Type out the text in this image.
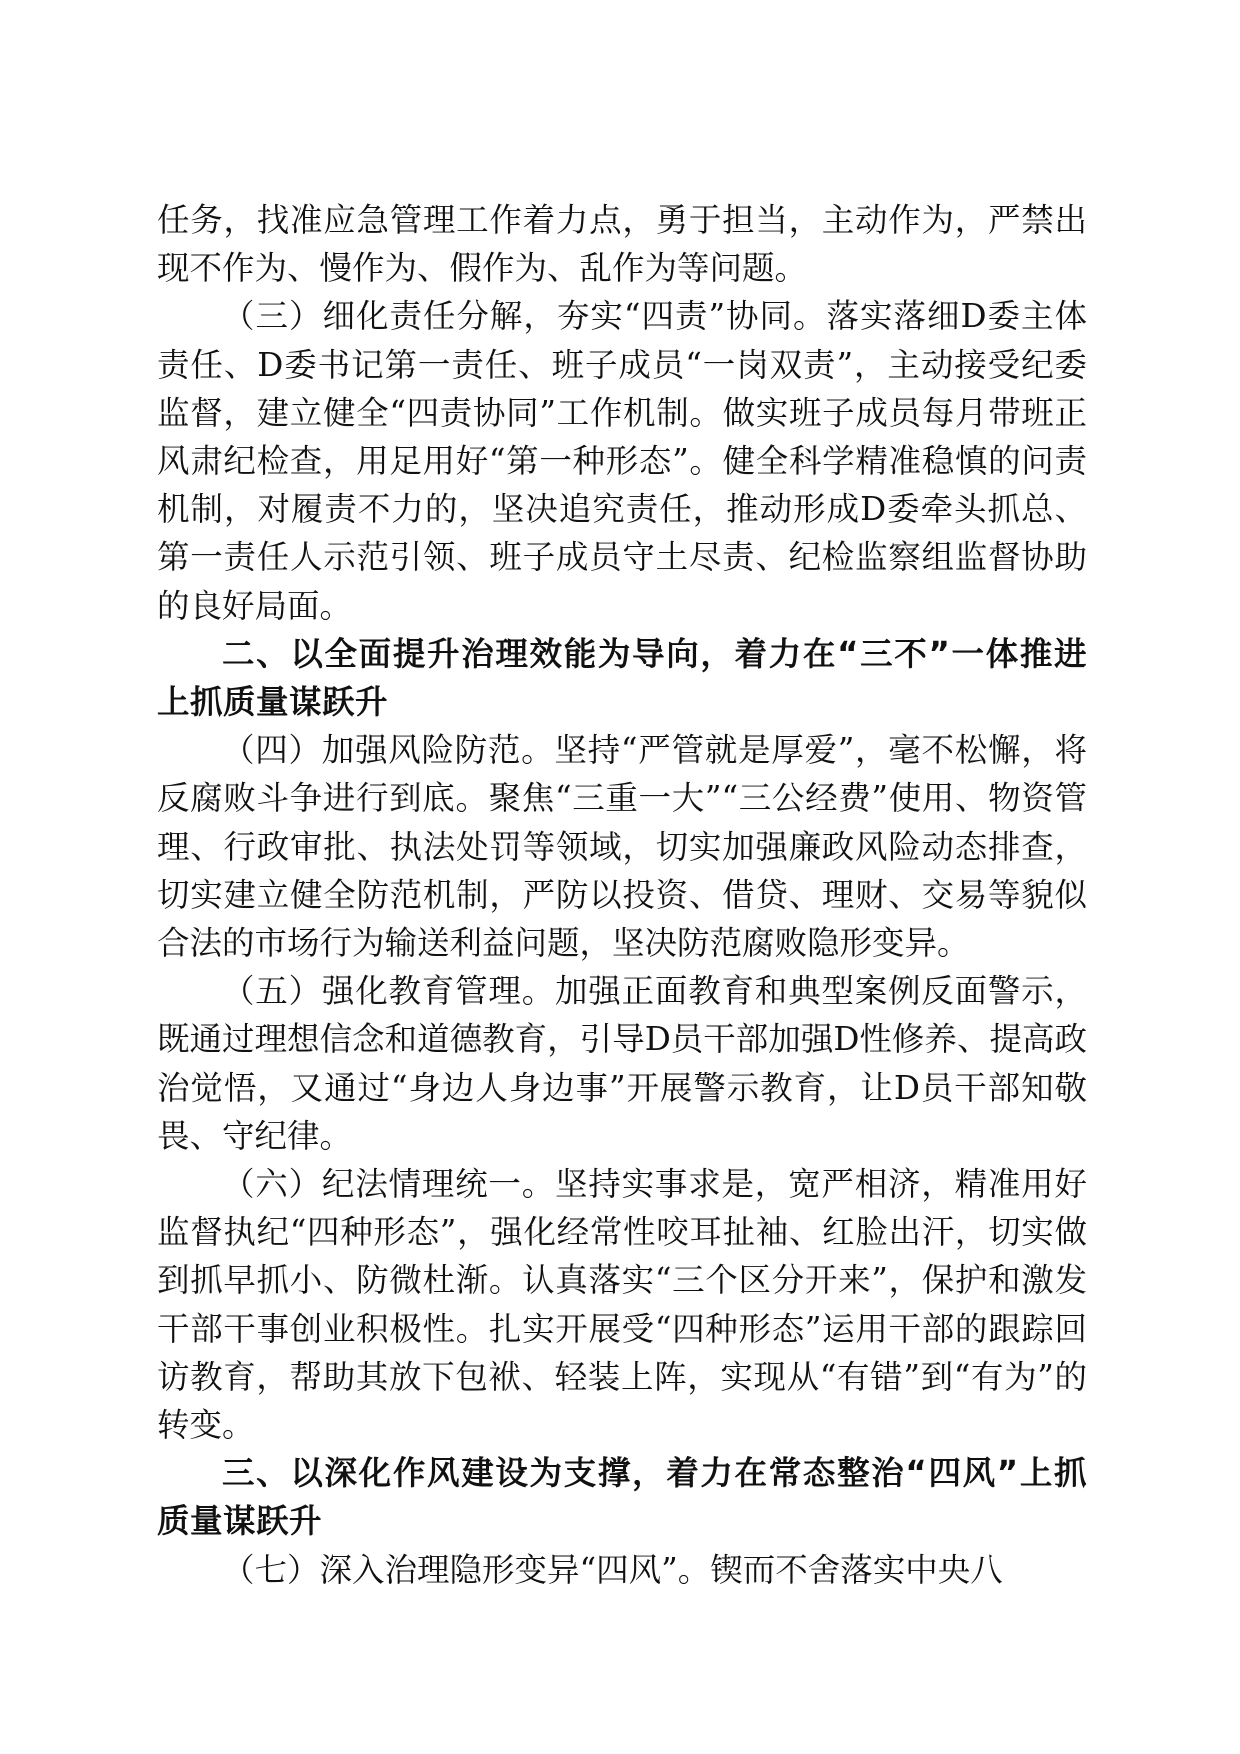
任务，找准应急管理工作着力点，勇于担当，主动作为，严禁出现不作为、慢作为、假作为、乱作为等问题。

（三）细化责任分解，夯实“四责”协同。落实落细D委主体责任、D委书记第一责任、班子成员“一岗双责”，主动接受纪委监督，建立健全“四责协同”工作机制。做实班子成员每月带班正风肃纪检查，用足用好“第一种形态”。健全科学精准稳慎的问责机制，对履责不力的，坚决追究责任，推动形成D委牵头抓总、第一责任人示范引领、班子成员守土尽责、纪检监察组监督协助的良好局面。

二、以全面提升治理效能为导向，着力在“三不”一体推进上抓质量谋跃升

（四）加强风险防范。坚持“严管就是厚爱”，毫不松懈，将反腐败斗争进行到底。聚焦“三重一大”“三公经费”使用、物资管理、行政审批、执法处罚等领域，切实加强廉政风险动态排查，切实建立健全防范机制，严防以投资、借贷、理财、交易等貌似合法的市场行为输送利益问题，坚决防范腐败隐形变异。

（五）强化教育管理。加强正面教育和典型案例反面警示，既通过理想信念和道德教育，引导D员干部加强D性修养、提高政治觉悟，又通过“身边人身边事”开展警示教育，让D员干部知敬畏、守纪律。

（六）纪法情理统一。坚持实事求是，宽严相济，精准用好监督执纪“四种形态”，强化经常性咬耳扯袖、红脸出汗，切实做到抓早抓小、防微杜渐。认真落实“三个区分开来”，保护和激发干部干事创业积极性。扎实开展受“四种形态”运用干部的跟踪回访教育，帮助其放下包袱、轻装上阵，实现从“有错”到“有为”的转变。

三、以深化作风建设为支撑，着力在常态整治“四风”上抓质量谋跃升

（七）深入治理隐形变异“四风”。锲而不舍落实中央八
